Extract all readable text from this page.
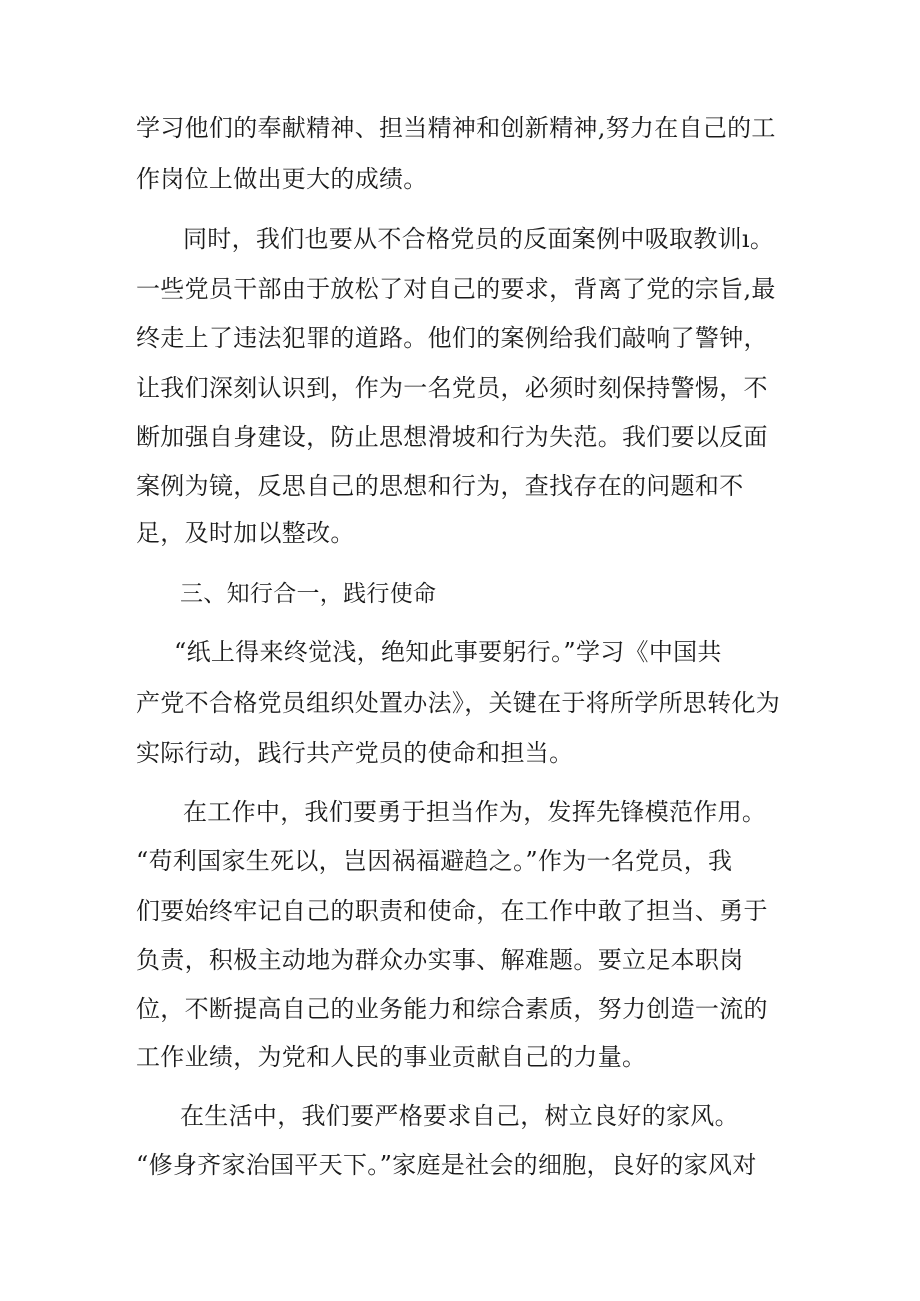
学习他们的奉献精神、担当精神和创新精神,努力在自己的工

作岗位上做出更大的成绩。

同时，我们也要从不合格党员的反面案例中吸取教训ı。

一些党员干部由于放松了对自己的要求，背离了党的宗旨,最

终走上了违法犯罪的道路。他们的案例给我们敲响了警钟，

让我们深刻认识到，作为一名党员，必须时刻保持警惕，不

断加强自身建设，防止思想滑坡和行为失范。我们要以反面

案例为镜，反思自己的思想和行为，查找存在的问题和不

足，及时加以整改。

三、知行合一，践行使命

“纸上得来终觉浅，绝知此事要躬行。”学习《中国共

产党不合格党员组织处置办法》，关键在于将所学所思转化为

实际行动，践行共产党员的使命和担当。

在工作中，我们要勇于担当作为，发挥先锋模范作用。

“苟利国家生死以，岂因祸福避趋之。”作为一名党员，我

们要始终牢记自己的职责和使命，在工作中敢了担当、勇于

负责，积极主动地为群众办实事、解难题。要立足本职岗

位，不断提高自己的业务能力和综合素质，努力创造一流的

工作业绩，为党和人民的事业贡献自己的力量。

在生活中，我们要严格要求自己，树立良好的家风。

“修身齐家治国平天下。”家庭是社会的细胞，良好的家风对
